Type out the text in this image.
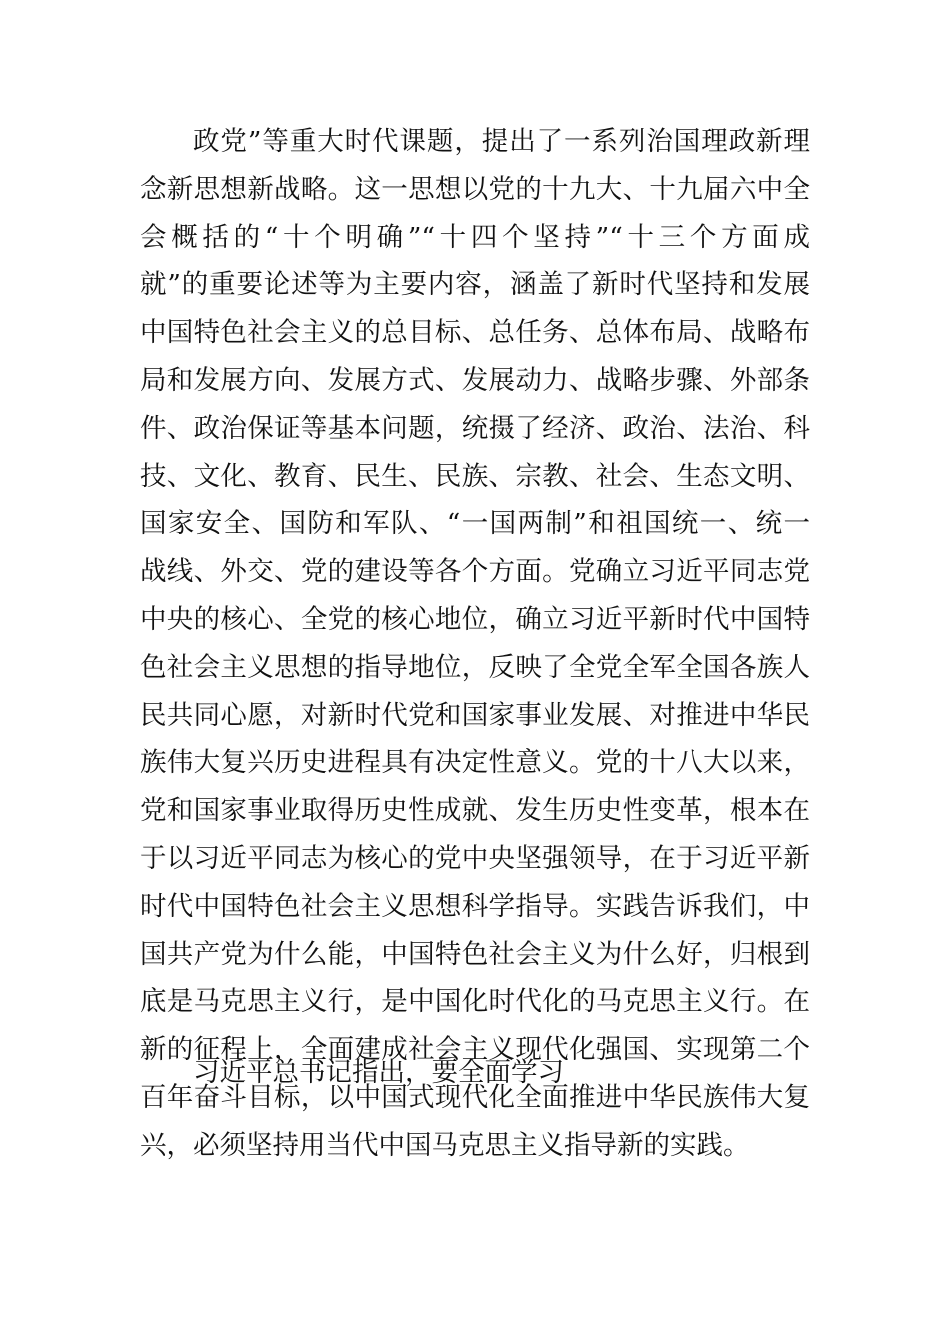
政党”等重大时代课题，提出了一系列治国理政新理
念新思想新战略。这一思想以党的十九大、十九届六中全
会概括的“十个明确”“十四个坚持”“十三个方面成
就”的重要论述等为主要内容，涵盖了新时代坚持和发展
中国特色社会主义的总目标、总任务、总体布局、战略布
局和发展方向、发展方式、发展动力、战略步骤、外部条
件、政治保证等基本问题，统摄了经济、政治、法治、科
技、文化、教育、民生、民族、宗教、社会、生态文明、
国家安全、国防和军队、“一国两制”和祖国统一、统一
战线、外交、党的建设等各个方面。党确立习近平同志党
中央的核心、全党的核心地位，确立习近平新时代中国特
色社会主义思想的指导地位，反映了全党全军全国各族人
民共同心愿，对新时代党和国家事业发展、对推进中华民
族伟大复兴历史进程具有决定性意义。党的十八大以来，
党和国家事业取得历史性成就、发生历史性变革，根本在
于以习近平同志为核心的党中央坚强领导，在于习近平新
时代中国特色社会主义思想科学指导。实践告诉我们，中
国共产党为什么能，中国特色社会主义为什么好，归根到
底是马克思主义行，是中国化时代化的马克思主义行。在
新的征程上，全面建成社会主义现代化强国、实现第二个
百年奋斗目标，以中国式现代化全面推进中华民族伟大复
兴，必须坚持用当代中国马克思主义指导新的实践。
习近平总书记指出，要全面学习
